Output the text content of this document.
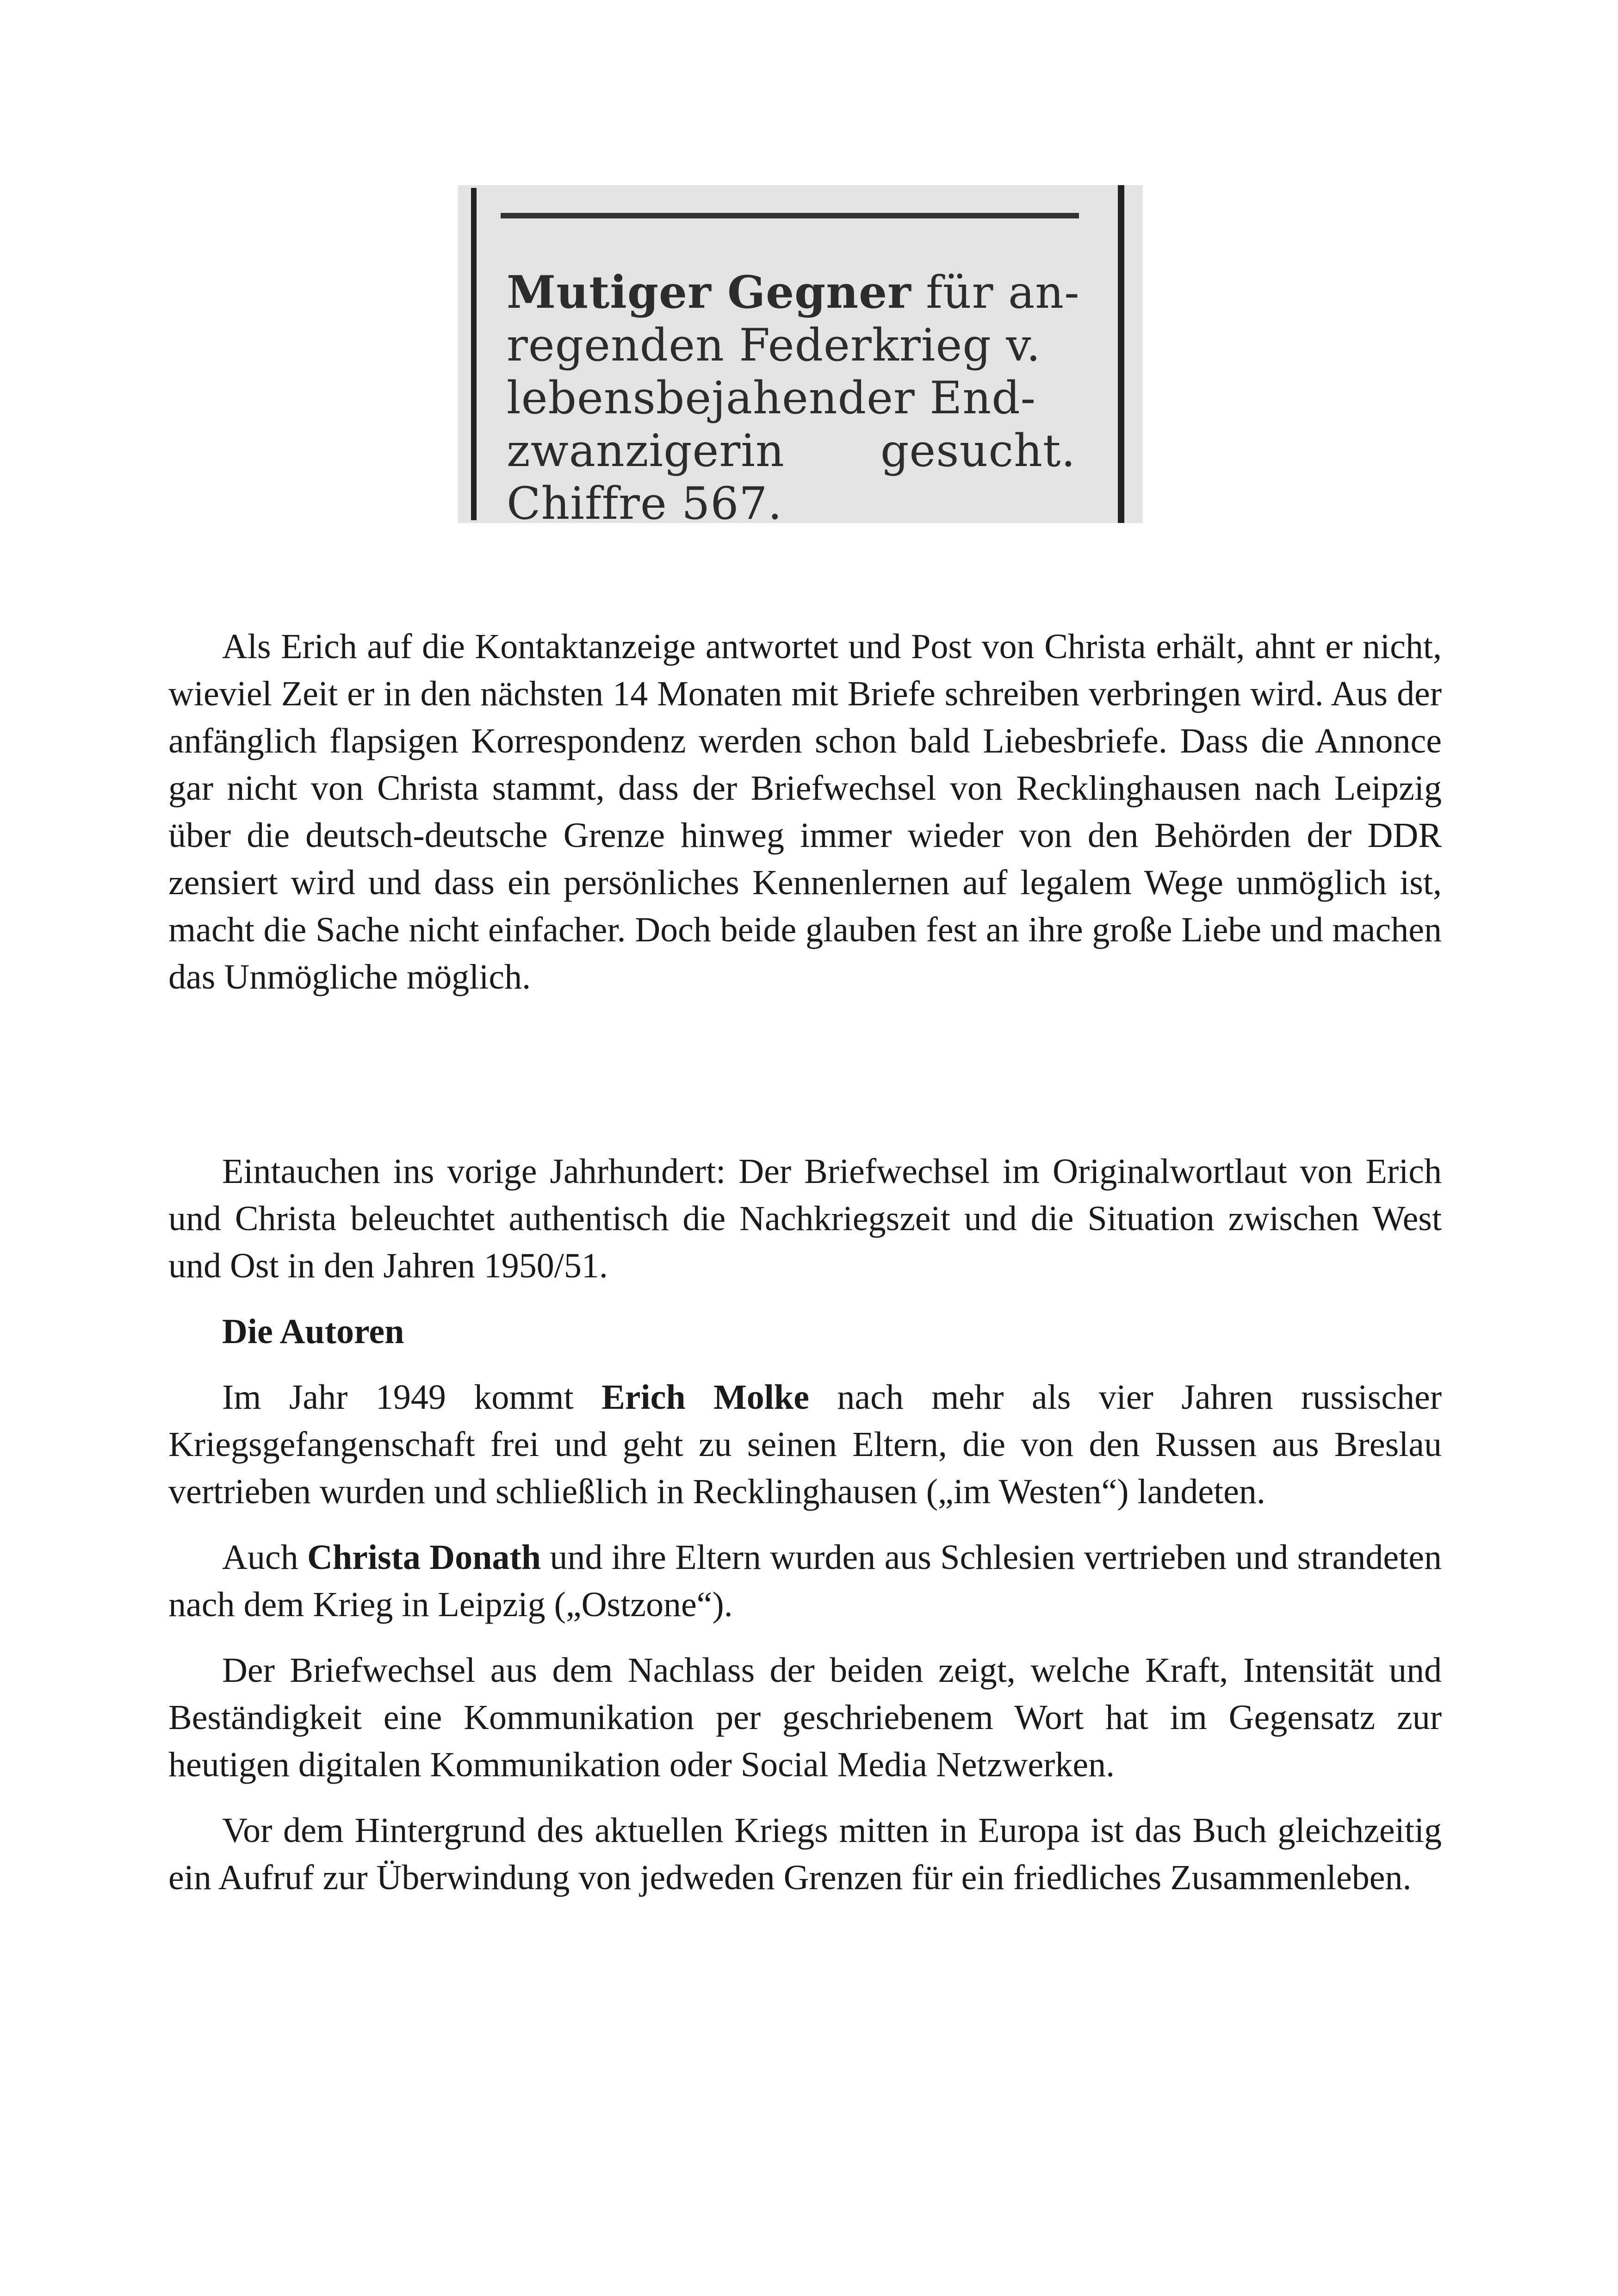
Mutiger Gegner für an-
regenden Federkrieg v.
lebensbejahender End-
zwanzigerin gesucht.
Chiffre 567.

Als Erich auf die Kontaktanzeige antwortet und Post von Christa erhält, ahnt er nicht, wieviel Zeit er in den nächsten 14 Monaten mit Briefe schreiben verbringen wird. Aus der anfänglich flapsigen Korrespondenz werden schon bald Liebesbriefe. Dass die Annonce gar nicht von Christa stammt, dass der Briefwechsel von Recklinghausen nach Leipzig über die deutsch-deutsche Grenze hinweg immer wieder von den Behörden der DDR zensiert wird und dass ein persönliches Kennenlernen auf legalem Wege unmöglich ist, macht die Sache nicht einfacher. Doch beide glauben fest an ihre große Liebe und machen das Unmögliche möglich.

Eintauchen ins vorige Jahrhundert: Der Briefwechsel im Originalwortlaut von Erich und Christa beleuchtet authentisch die Nachkriegszeit und die Situation zwischen West und Ost in den Jahren 1950/51.

Die Autoren

Im Jahr 1949 kommt Erich Molke nach mehr als vier Jahren russischer Kriegsgefangenschaft frei und geht zu seinen Eltern, die von den Russen aus Breslau vertrieben wurden und schließlich in Recklinghausen („im Westen“) landeten.

Auch Christa Donath und ihre Eltern wurden aus Schlesien vertrieben und strandeten nach dem Krieg in Leipzig („Ostzone“).

Der Briefwechsel aus dem Nachlass der beiden zeigt, welche Kraft, Intensität und Beständigkeit eine Kommunikation per geschriebenem Wort hat im Gegensatz zur heutigen digitalen Kommunikation oder Social Media Netzwerken.

Vor dem Hintergrund des aktuellen Kriegs mitten in Europa ist das Buch gleichzeitig ein Aufruf zur Überwindung von jedweden Grenzen für ein friedliches Zusammenleben.
